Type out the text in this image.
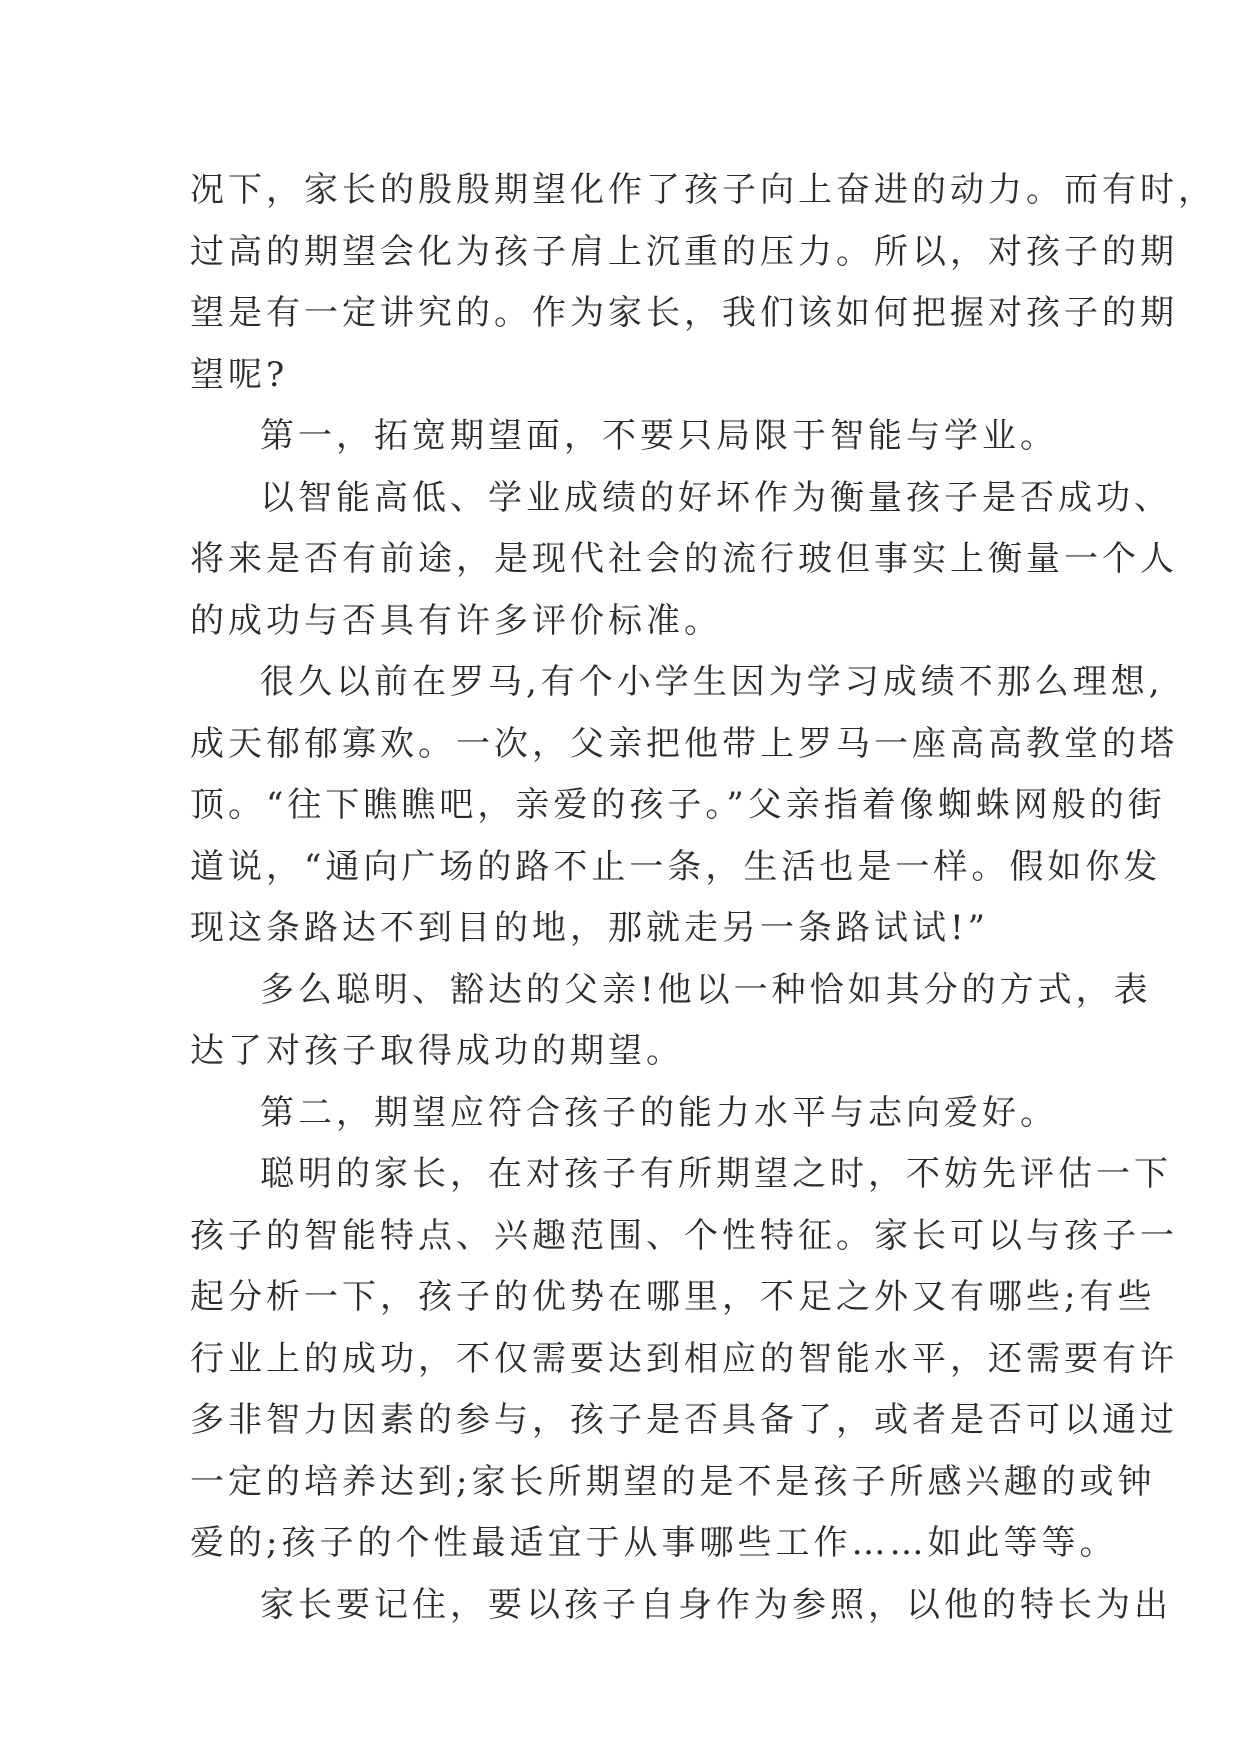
况下，家长的殷殷期望化作了孩子向上奋进的动力。而有时，
过高的期望会化为孩子肩上沉重的压力。所以，对孩子的期
望是有一定讲究的。作为家长，我们该如何把握对孩子的期
望呢?
第一，拓宽期望面，不要只局限于智能与学业。
以智能高低、学业成绩的好坏作为衡量孩子是否成功、
将来是否有前途，是现代社会的流行玻但事实上衡量一个人
的成功与否具有许多评价标准。
很久以前在罗马,有个小学生因为学习成绩不那么理想,
成天郁郁寡欢。一次，父亲把他带上罗马一座高高教堂的塔
顶。“往下瞧瞧吧，亲爱的孩子。”父亲指着像蜘蛛网般的街
道说，“通向广场的路不止一条，生活也是一样。假如你发
现这条路达不到目的地，那就走另一条路试试!”
多么聪明、豁达的父亲!他以一种恰如其分的方式，表
达了对孩子取得成功的期望。
第二，期望应符合孩子的能力水平与志向爱好。
聪明的家长，在对孩子有所期望之时，不妨先评估一下
孩子的智能特点、兴趣范围、个性特征。家长可以与孩子一
起分析一下，孩子的优势在哪里，不足之外又有哪些;有些
行业上的成功，不仅需要达到相应的智能水平，还需要有许
多非智力因素的参与，孩子是否具备了，或者是否可以通过
一定的培养达到;家长所期望的是不是孩子所感兴趣的或钟
爱的;孩子的个性最适宜于从事哪些工作……如此等等。
家长要记住，要以孩子自身作为参照，以他的特长为出
